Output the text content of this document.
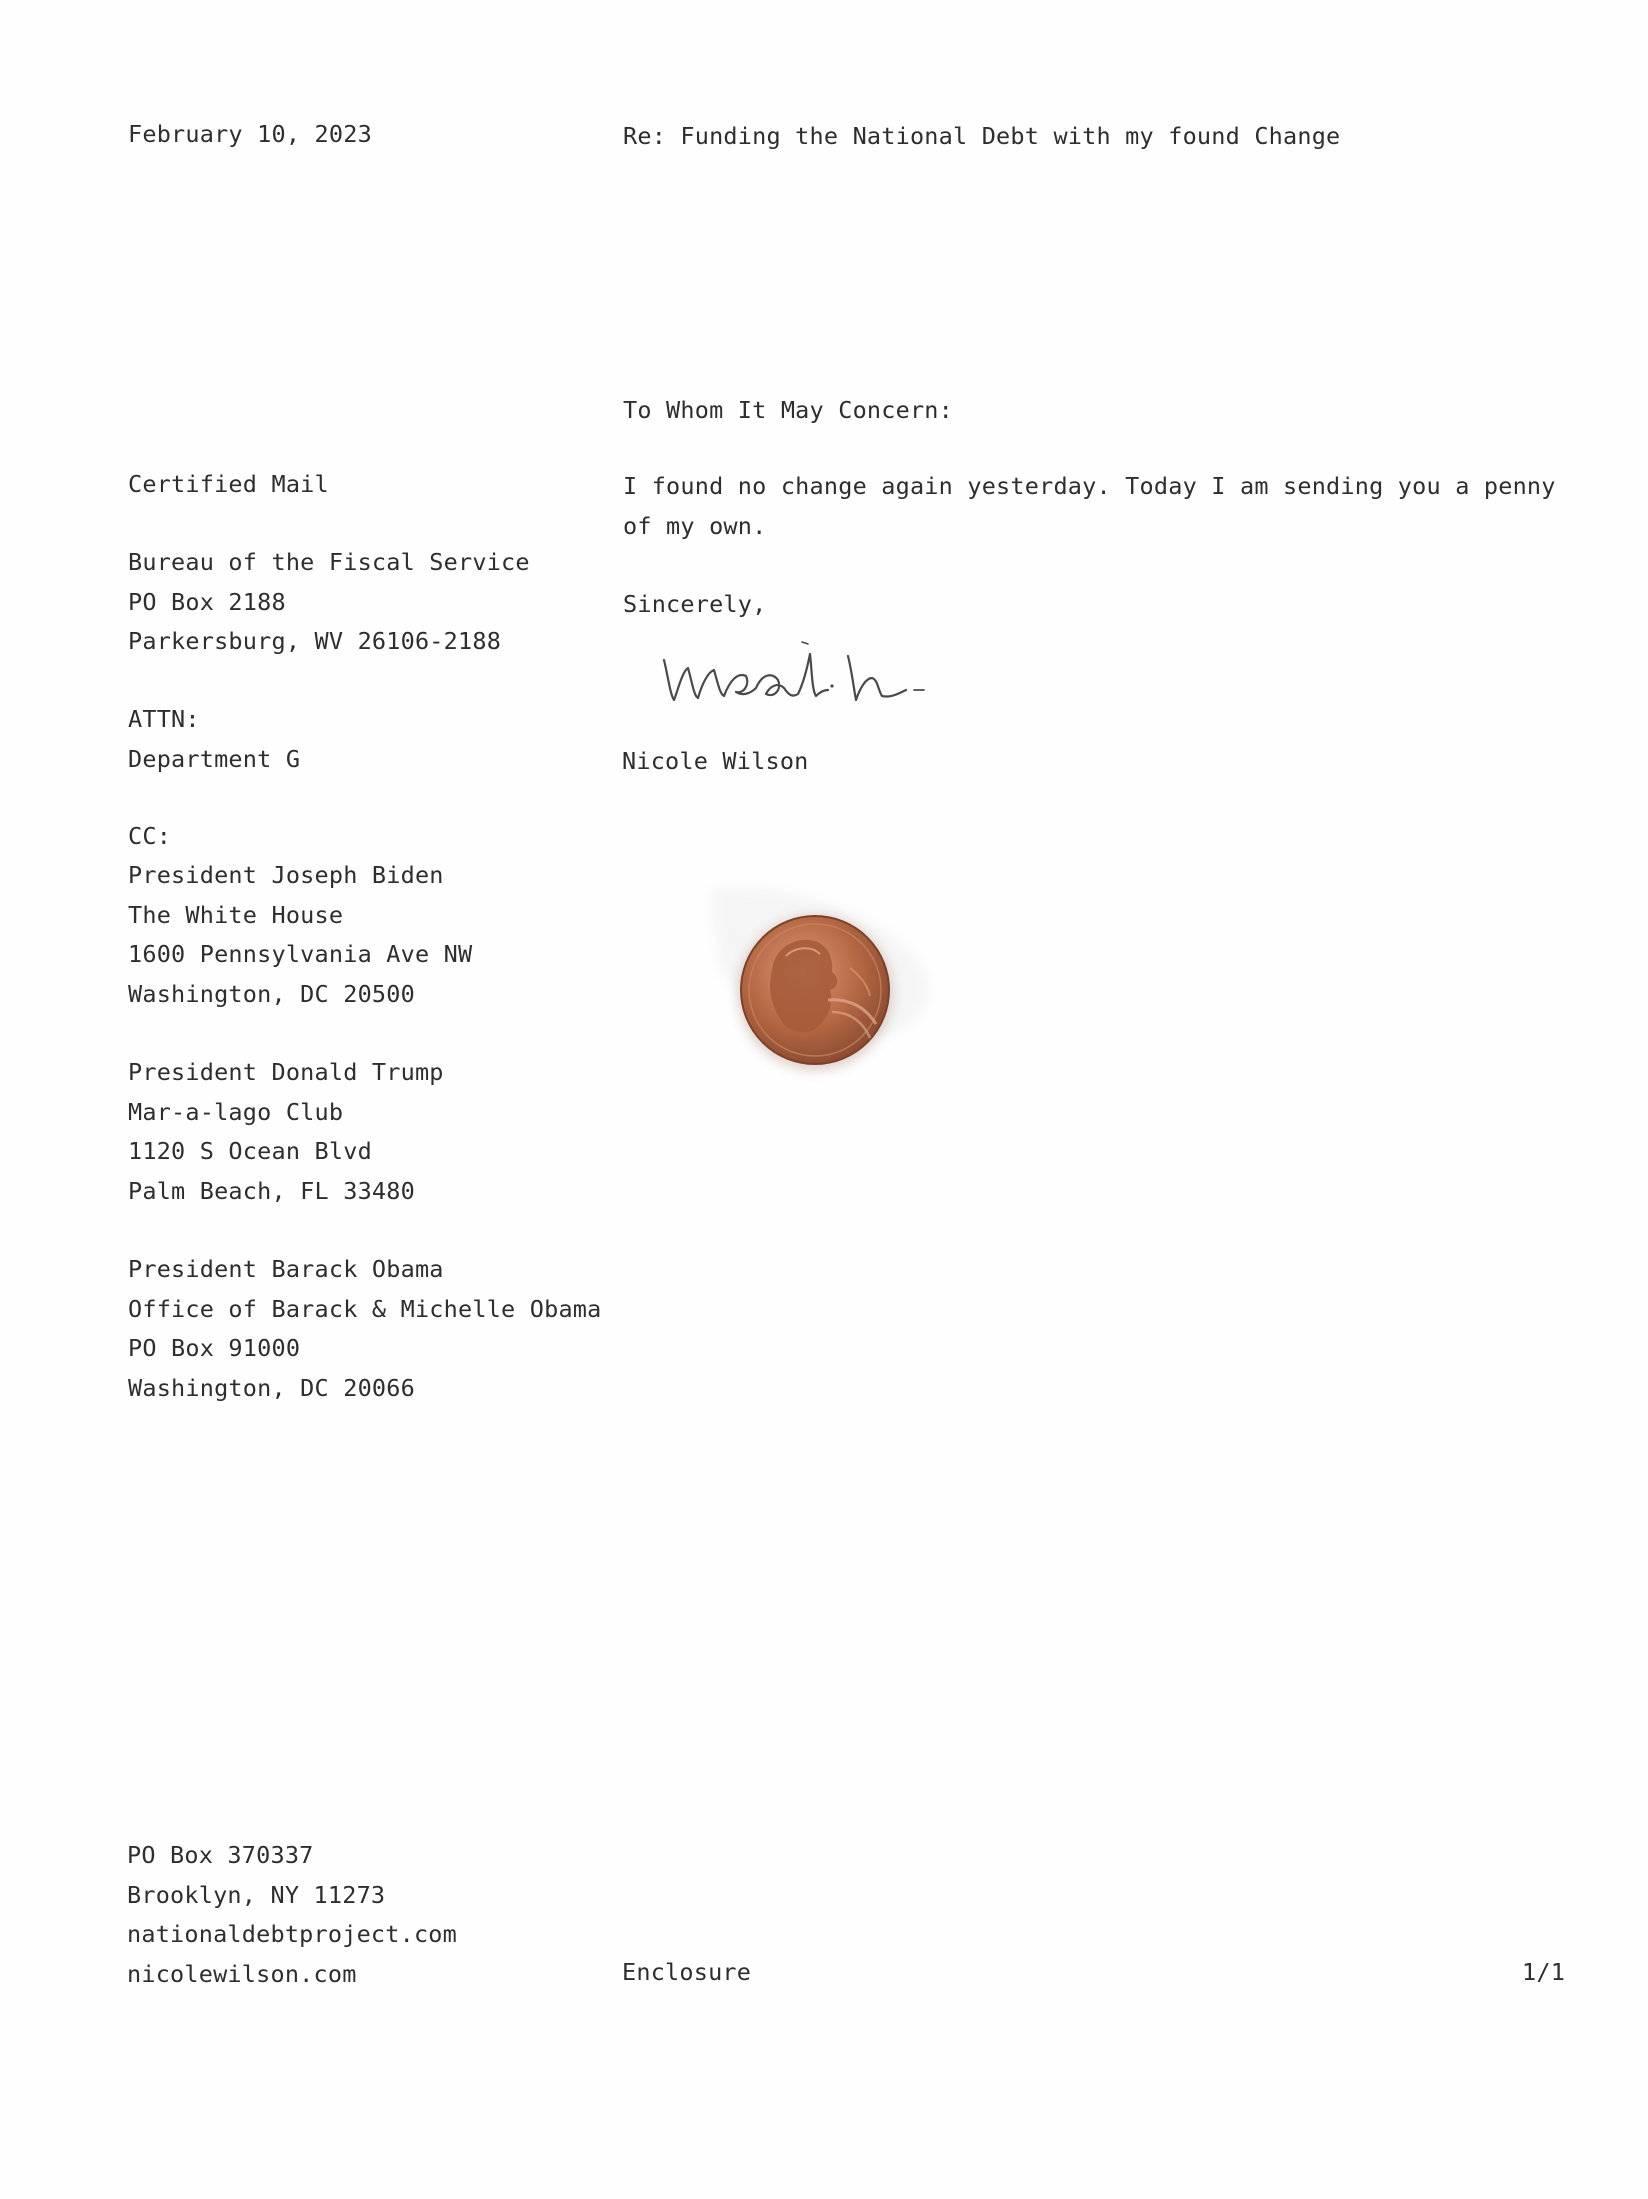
February 10, 2023	Re: Funding the National Debt with my found Change
To Whom It May Concern:
I found no change again yesterday. Today I am sending you a penny
of my own.
Sincerely,
Nicole Wilson
Certified Mail
Bureau of the Fiscal Service
PO Box 2188
Parkersburg, WV 26106-2188
ATTN:
Department G
CC:
President Joseph Biden
The White House
1600 Pennsylvania Ave NW
Washington, DC 20500
President Donald Trump
Mar-a-lago Club
1120 S Ocean Blvd
Palm Beach, FL 33480
President Barack Obama
Office of Barack & Michelle Obama
PO Box 91000
Washington, DC 20066
PO Box 370337
Brooklyn, NY 11273
nationaldebtproject.com
nicolewilson.com	Enclosure	1/1
